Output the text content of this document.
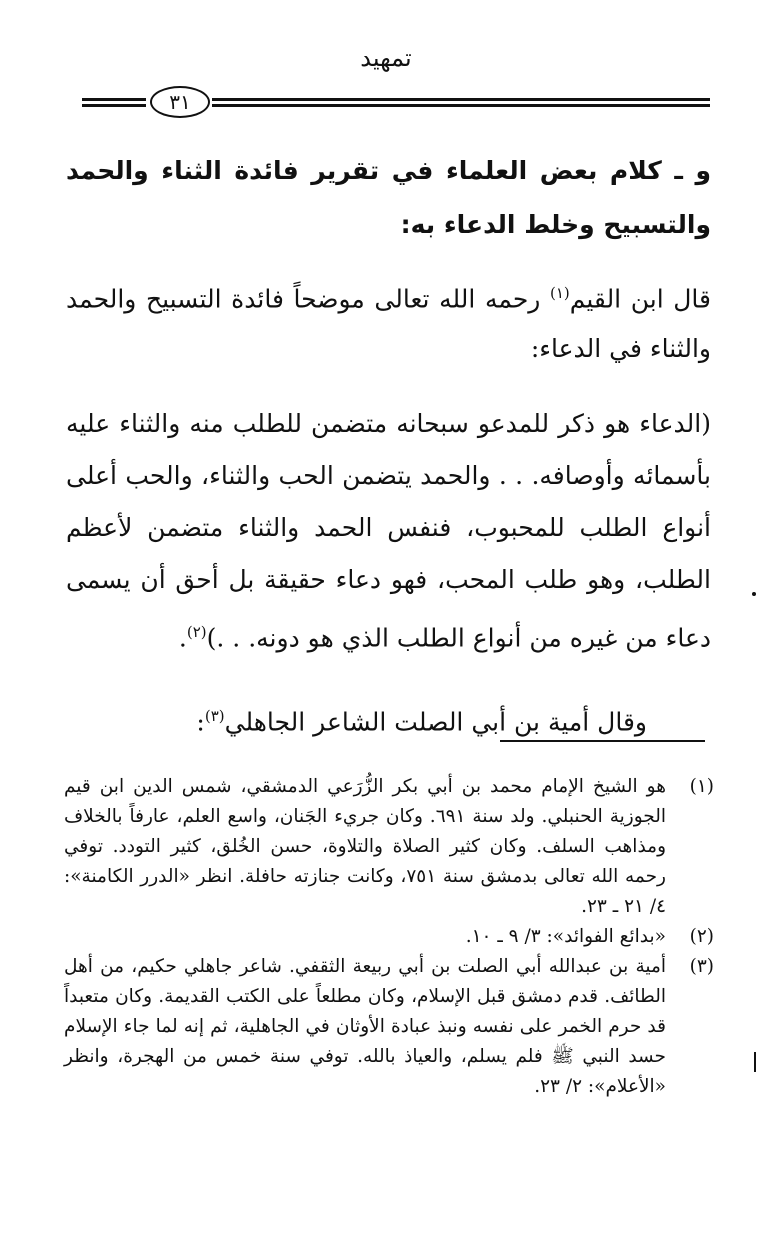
تمهيد
٣١

و ـ كلام بعض العلماء في تقرير فائدة الثناء والحمد والتسبيح وخلط الدعاء به:

قال ابن القيم$^{(١)}$ رحمه الله تعالى موضحاً فائدة التسبيح والحمد والثناء في الدعاء:

(الدعاء هو ذكر للمدعو سبحانه متضمن للطلب منه والثناء عليه بأسمائه وأوصافه. . . والحمد يتضمن الحب والثناء، والحب أعلى أنواع الطلب للمحبوب، فنفس الحمد والثناء متضمن لأعظم الطلب، وهو طلب المحب، فهو دعاء حقيقة بل أحق أن يسمى دعاء من غيره من أنواع الطلب الذي هو دونه. . .)$^{(٢)}$.

وقال أمية بن أبي الصلت الشاعر الجاهلي$^{(٣)}$:

(١)
هو الشيخ الإمام محمد بن أبي بكر الزُّرَعي الدمشقي، شمس الدين ابن قيم الجوزية الحنبلي. ولد سنة ٦٩١. وكان جريء الجَنان، واسع العلم، عارفاً بالخلاف ومذاهب السلف. وكان كثير الصلاة والتلاوة، حسن الخُلق، كثير التودد. توفي رحمه الله تعالى بدمشق سنة ٧٥١، وكانت جنازته حافلة. انظر «الدرر الكامنة»: ٤/ ٢١ ـ ٢٣.
(٢)
«بدائع الفوائد»: ٣/ ٩ ـ ١٠.
(٣)
أمية بن عبدالله أبي الصلت بن أبي ربيعة الثقفي. شاعر جاهلي حكيم، من أهل الطائف. قدم دمشق قبل الإسلام، وكان مطلعاً على الكتب القديمة. وكان متعبداً قد حرم الخمر على نفسه ونبذ عبادة الأوثان في الجاهلية، ثم إنه لما جاء الإسلام حسد النبي ﷺ فلم يسلم، والعياذ بالله. توفي سنة خمس من الهجرة، وانظر «الأعلام»: ٢/ ٢٣.
